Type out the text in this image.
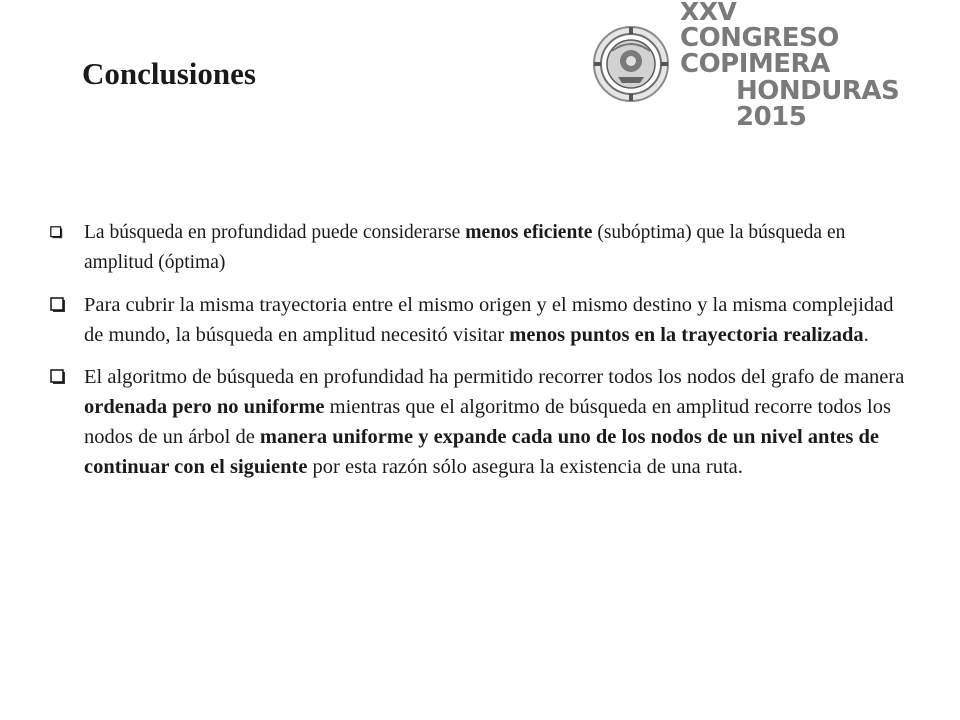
Conclusiones
XXV
CONGRESO COPIMERA
HONDURAS 2015
La búsqueda en profundidad puede considerarse menos eficiente (subóptima) que la búsqueda en amplitud (óptima)
Para cubrir la misma trayectoria entre el mismo origen y el mismo destino y la misma complejidad de mundo, la búsqueda en amplitud necesitó visitar menos puntos en la trayectoria realizada.
El algoritmo de búsqueda en profundidad ha permitido recorrer todos los nodos del grafo de manera ordenada pero no uniforme mientras que el algoritmo de búsqueda en amplitud recorre todos los nodos de un árbol de manera uniforme y expande cada uno de los nodos de un nivel antes de continuar con el siguiente por esta razón sólo asegura la existencia de una ruta.
